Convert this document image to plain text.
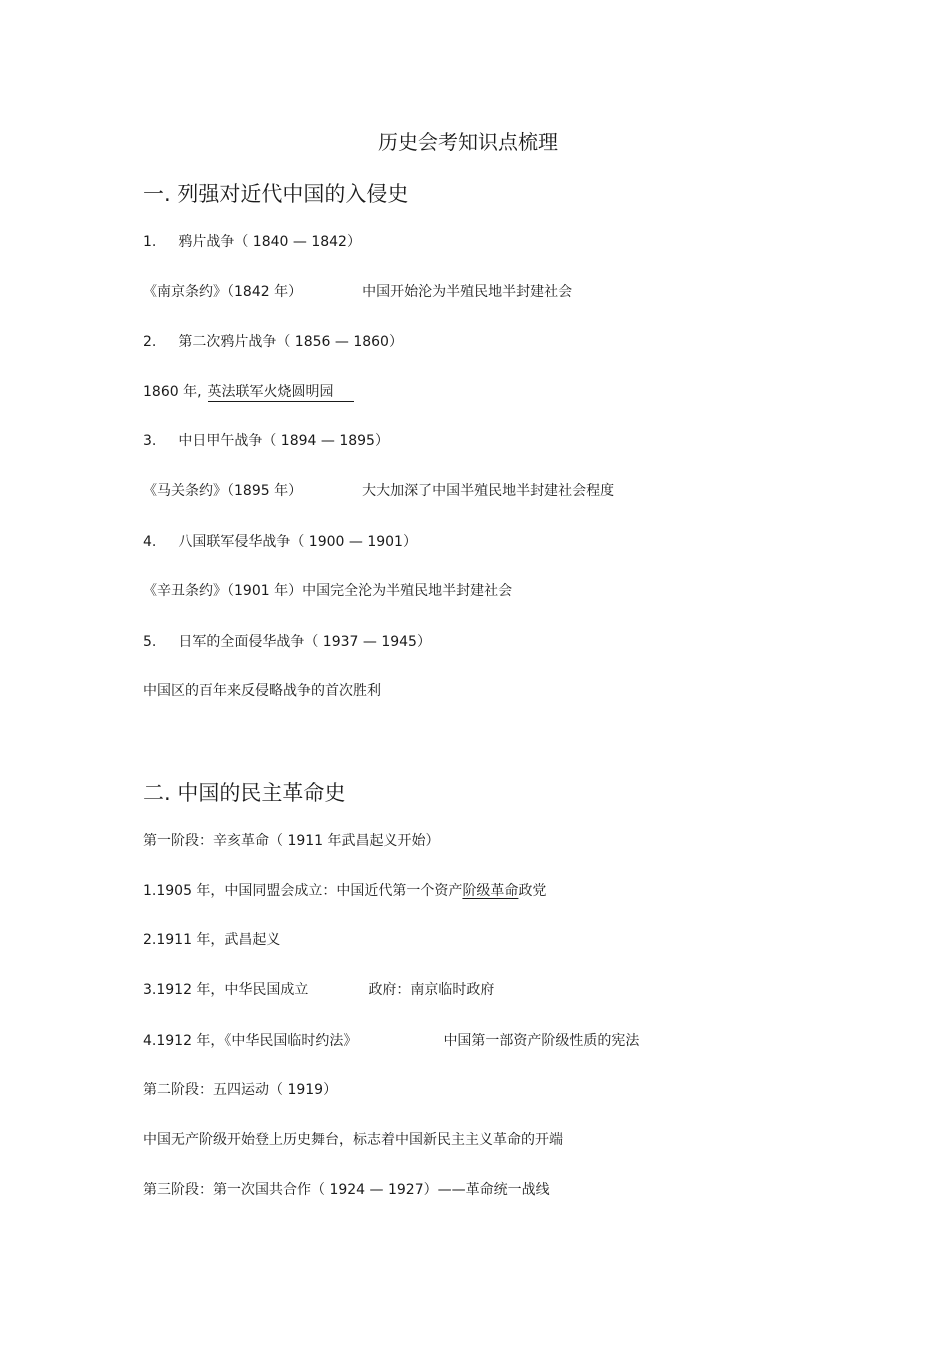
历史会考知识点梳理
一. 列强对近代中国的入侵史
1. 鸦片战争（ 1840 — 1842）
《南京条约》（1842 年）	中国开始沦为半殖民地半封建社会
2. 第二次鸦片战争（ 1856 — 1860）
1860 年, 英法联军火烧圆明园
3. 中日甲午战争（ 1894 — 1895）
《马关条约》（1895 年）	大大加深了中国半殖民地半封建社会程度
4. 八国联军侵华战争（ 1900 — 1901）
《辛丑条约》（1901 年）中国完全沦为半殖民地半封建社会
5. 日军的全面侵华战争（ 1937 — 1945）
中国区的百年来反侵略战争的首次胜利
二. 中国的民主革命史
第一阶段：辛亥革命（ 1911 年武昌起义开始）
1.1905 年，中国同盟会成立：中国近代第一个资产阶级革命政党
2.1911 年，武昌起义
3.1912 年，中华民国成立	政府：南京临时政府
4.1912 年，《中华民国临时约法》	中国第一部资产阶级性质的宪法
第二阶段：五四运动（ 1919）
中国无产阶级开始登上历史舞台，标志着中国新民主主义革命的开端
第三阶段：第一次国共合作（ 1924 — 1927）——革命统一战线
